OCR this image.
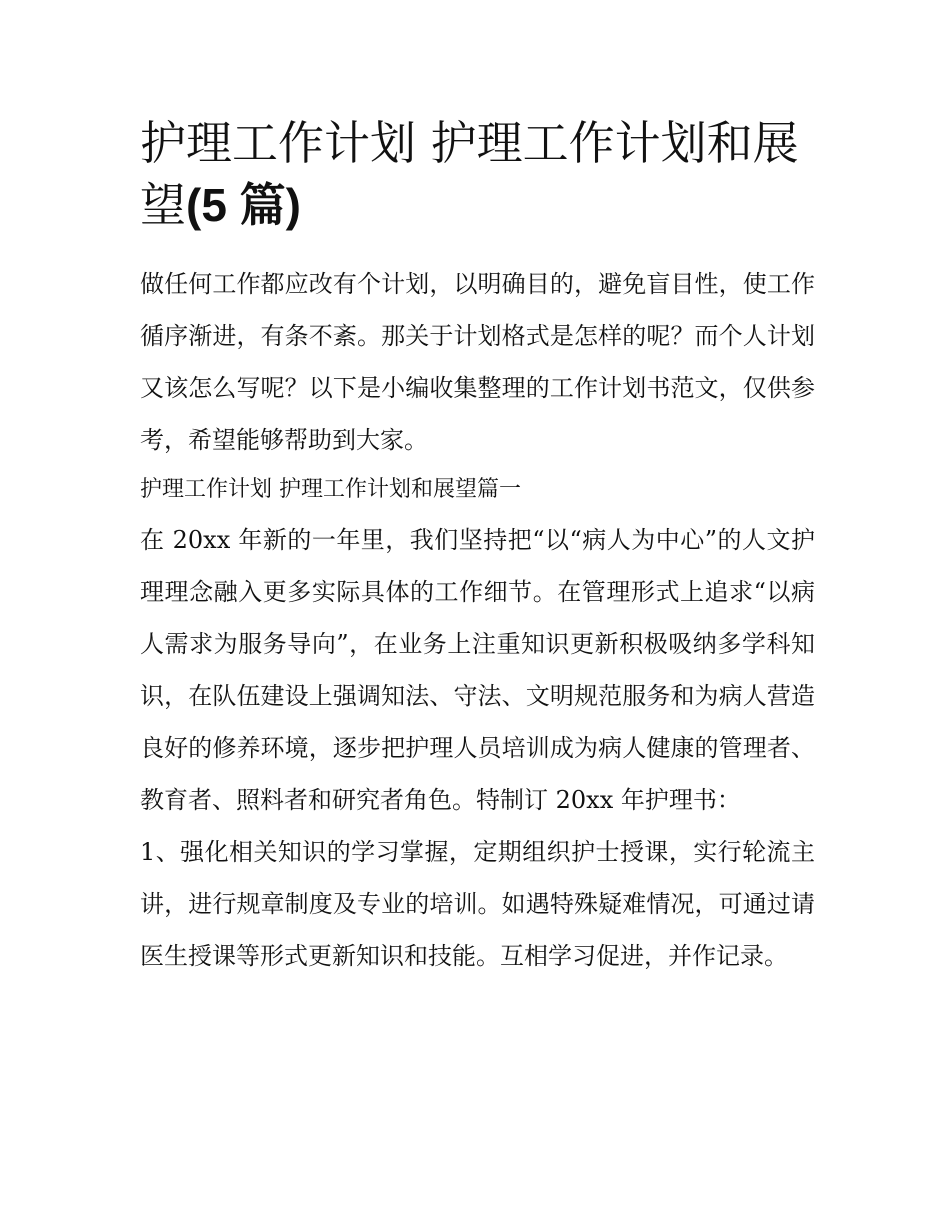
护理工作计划 护理工作计划和展望(5 篇)

做任何工作都应改有个计划，以明确目的，避免盲目性，使工作循序渐进，有条不紊。那关于计划格式是怎样的呢？而个人计划又该怎么写呢？以下是小编收集整理的工作计划书范文，仅供参考，希望能够帮助到大家。

护理工作计划 护理工作计划和展望篇一

在 20xx 年新的一年里，我们坚持把“以“病人为中心”的人文护理理念融入更多实际具体的工作细节。在管理形式上追求“以病人需求为服务导向”，在业务上注重知识更新积极吸纳多学科知识，在队伍建设上强调知法、守法、文明规范服务和为病人营造良好的修养环境，逐步把护理人员培训成为病人健康的管理者、教育者、照料者和研究者角色。特制订 20xx 年护理书：

1、强化相关知识的学习掌握，定期组织护士授课，实行轮流主讲，进行规章制度及专业的培训。如遇特殊疑难情况，可通过请医生授课等形式更新知识和技能。互相学习促进，并作记录。
